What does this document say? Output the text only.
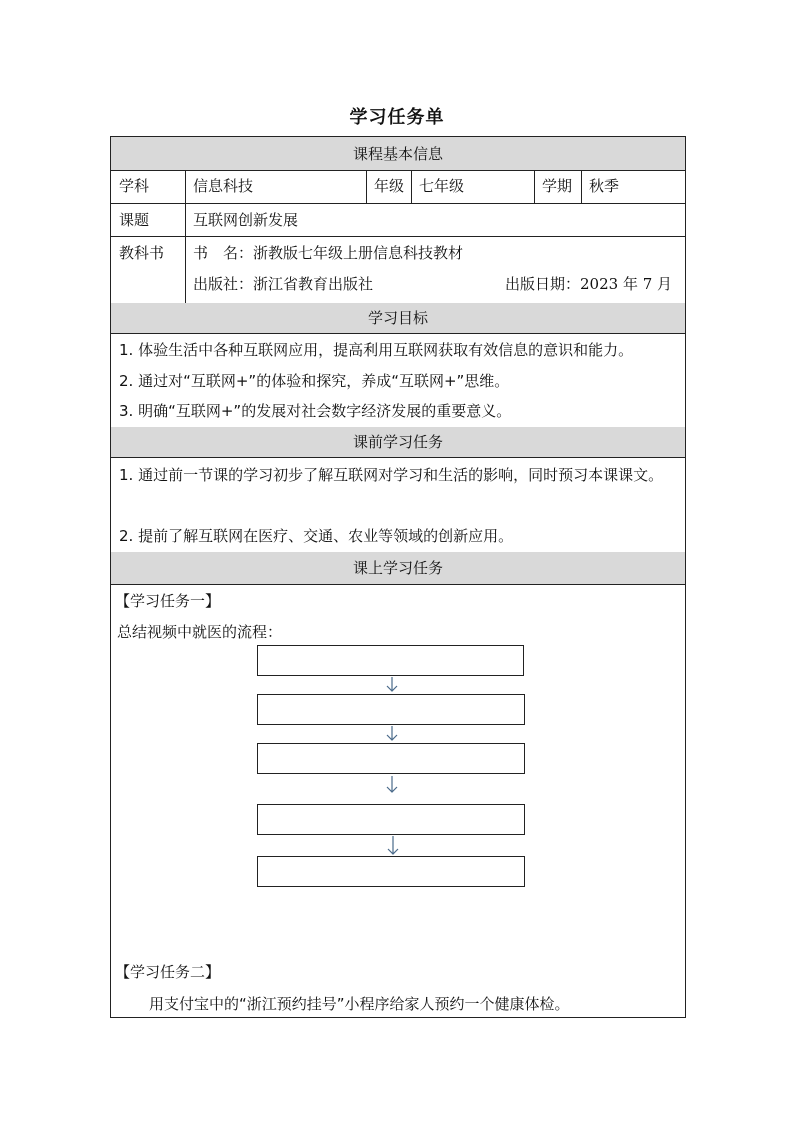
学习任务单
课程基本信息
学科	信息科技	年级 七年级	学期 秋季
课题	互联网创新发展
教科书 书　名：浙教版七年级上册信息科技教材
出版社：浙江省教育出版社	出版日期：2023 年 7 月
学习目标
1. 体验生活中各种互联网应用，提高利用互联网获取有效信息的意识和能力。
2. 通过对“互联网+”的体验和探究，养成“互联网+”思维。
3. 明确“互联网+”的发展对社会数字经济发展的重要意义。
课前学习任务
1. 通过前一节课的学习初步了解互联网对学习和生活的影响，同时预习本课课文。
2. 提前了解互联网在医疗、交通、农业等领域的创新应用。
课上学习任务
【学习任务一】
总结视频中就医的流程：
【学习任务二】
用支付宝中的“浙江预约挂号”小程序给家人预约一个健康体检。
